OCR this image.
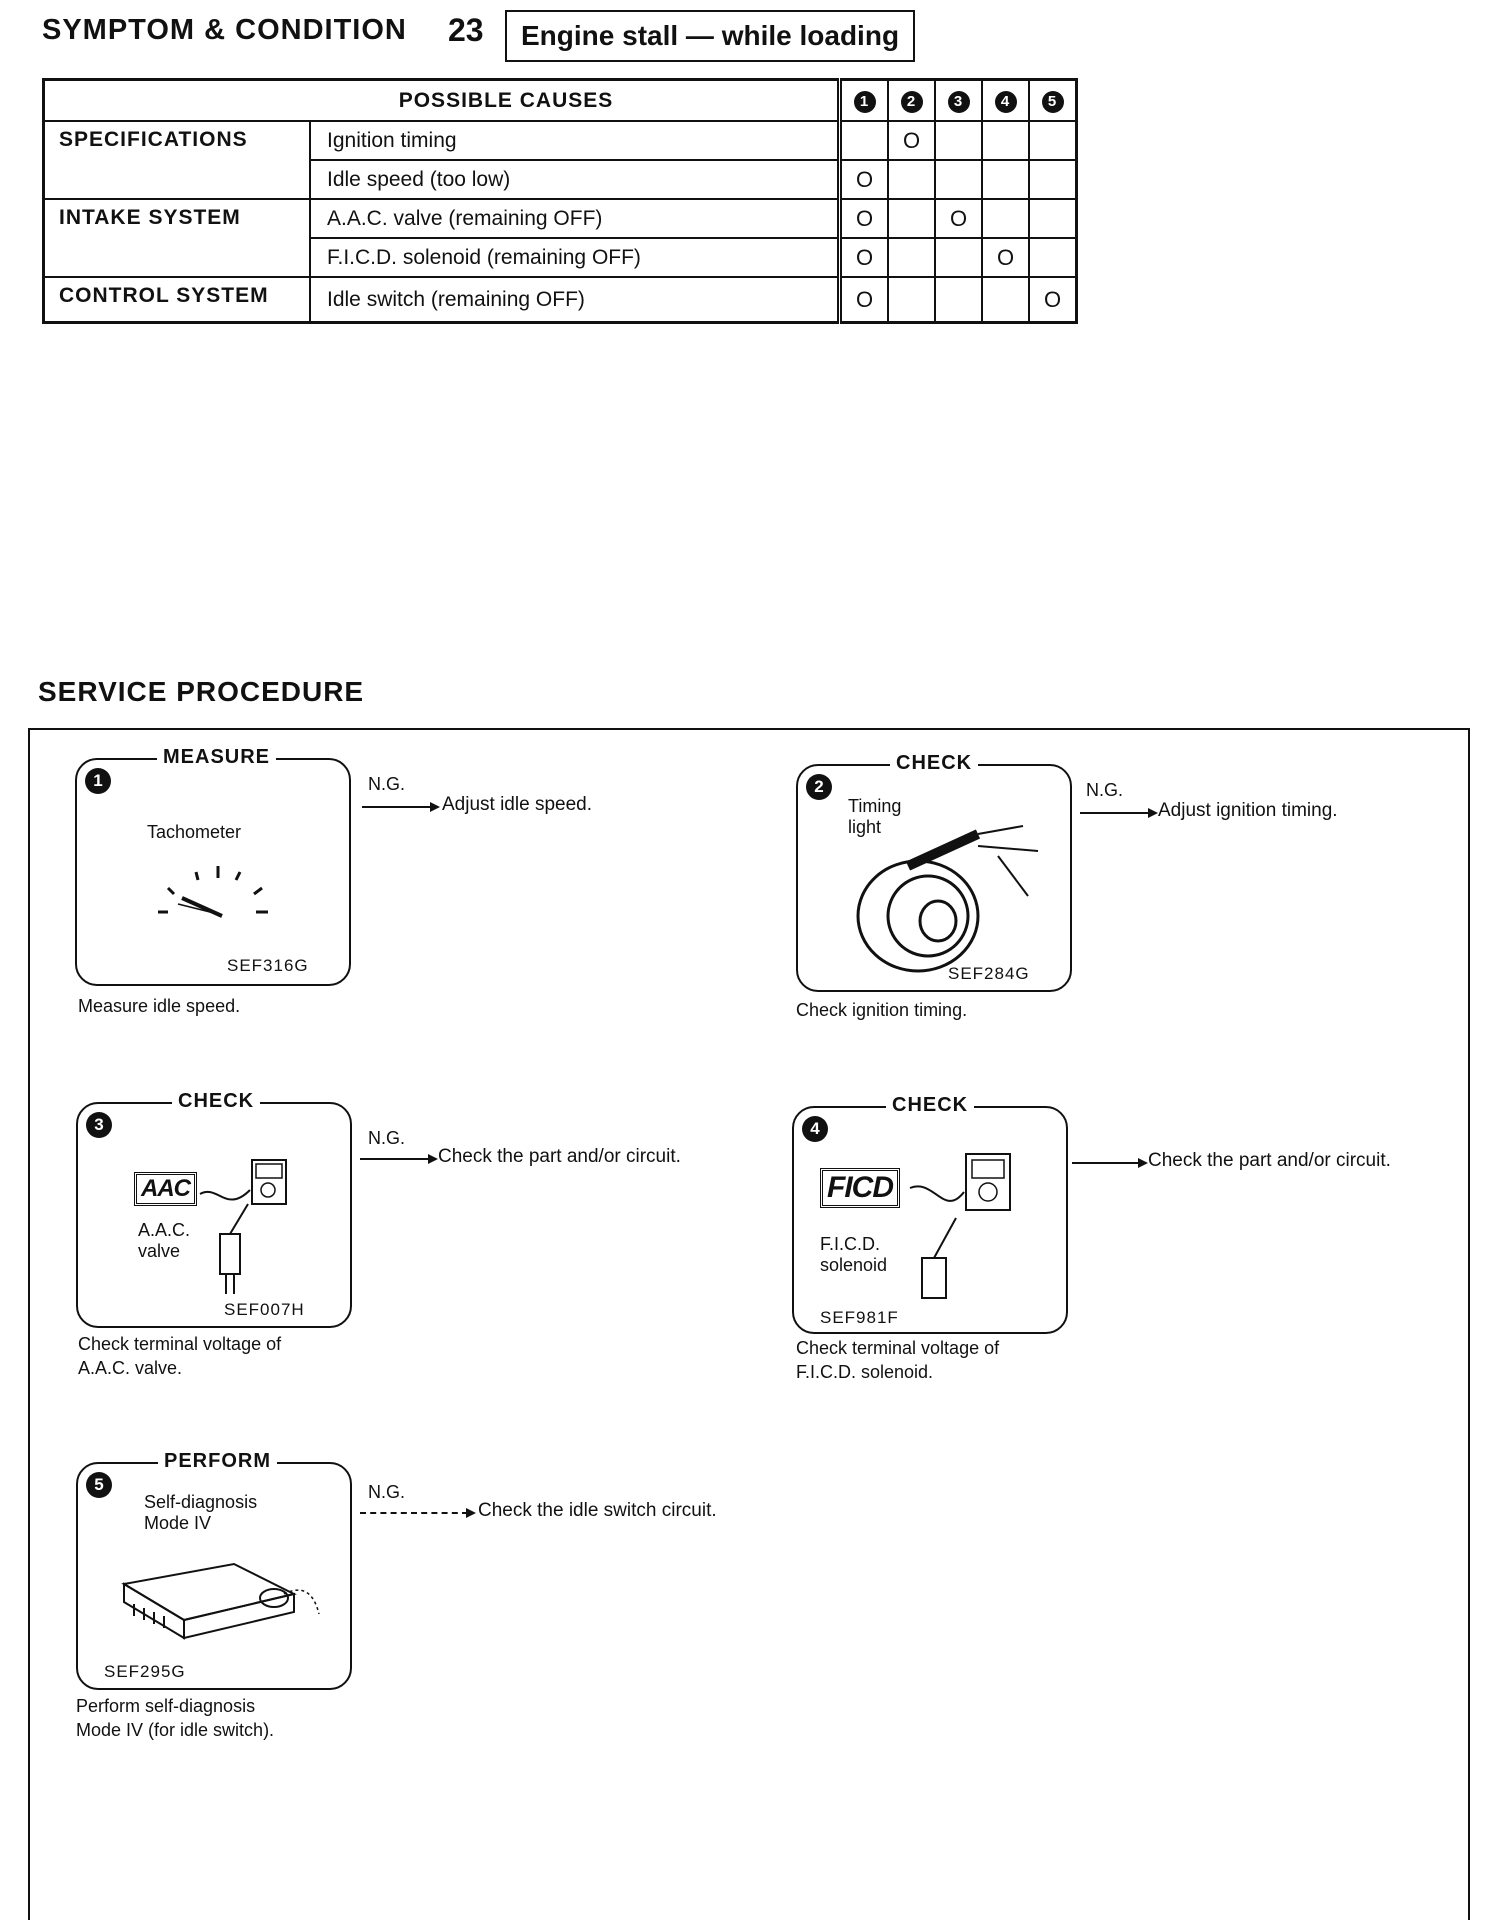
SYMPTOM & CONDITION 23	Engine stall — while loading
POSSIBLE CAUSES		1	2	3	4	5
SPECIFICATIONS	Ignition timing		O			
	Idle speed (too low)	O				
INTAKE SYSTEM	A.A.C. valve (remaining OFF)	O		O		
	F.I.C.D. solenoid (remaining OFF)	O			O	
CONTROL SYSTEM	Idle switch (remaining OFF)	O				O
SERVICE PROCEDURE
MEASURE
1
Tachometer
SEF316G
Measure idle speed.
N.G.
Adjust idle speed.
CHECK
2
Timing light
SEF284G
Check ignition timing.
N.G.
Adjust ignition timing.
CHECK
3
AAC
A.A.C. valve
SEF007H
Check terminal voltage of
A.A.C. valve.
N.G.
Check the part and/or circuit.
CHECK
4
FICD
F.I.C.D. solenoid
SEF981F
Check terminal voltage of
F.I.C.D. solenoid.
Check the part and/or circuit.
PERFORM
5
Self-diagnosis Mode IV
SEF295G
Perform self-diagnosis
Mode IV (for idle switch).
N.G.
Check the idle switch circuit.
